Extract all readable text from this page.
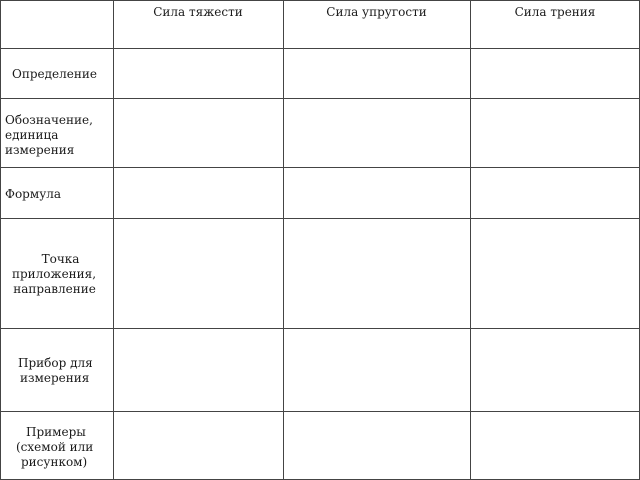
Сила тяжести	Сила упругости	Сила трения
Определение
Обозначение,
единица
измерения
Формула
Точка
приложения,
направление
Прибор для
измерения
Примеры
(схемой или
рисунком)
